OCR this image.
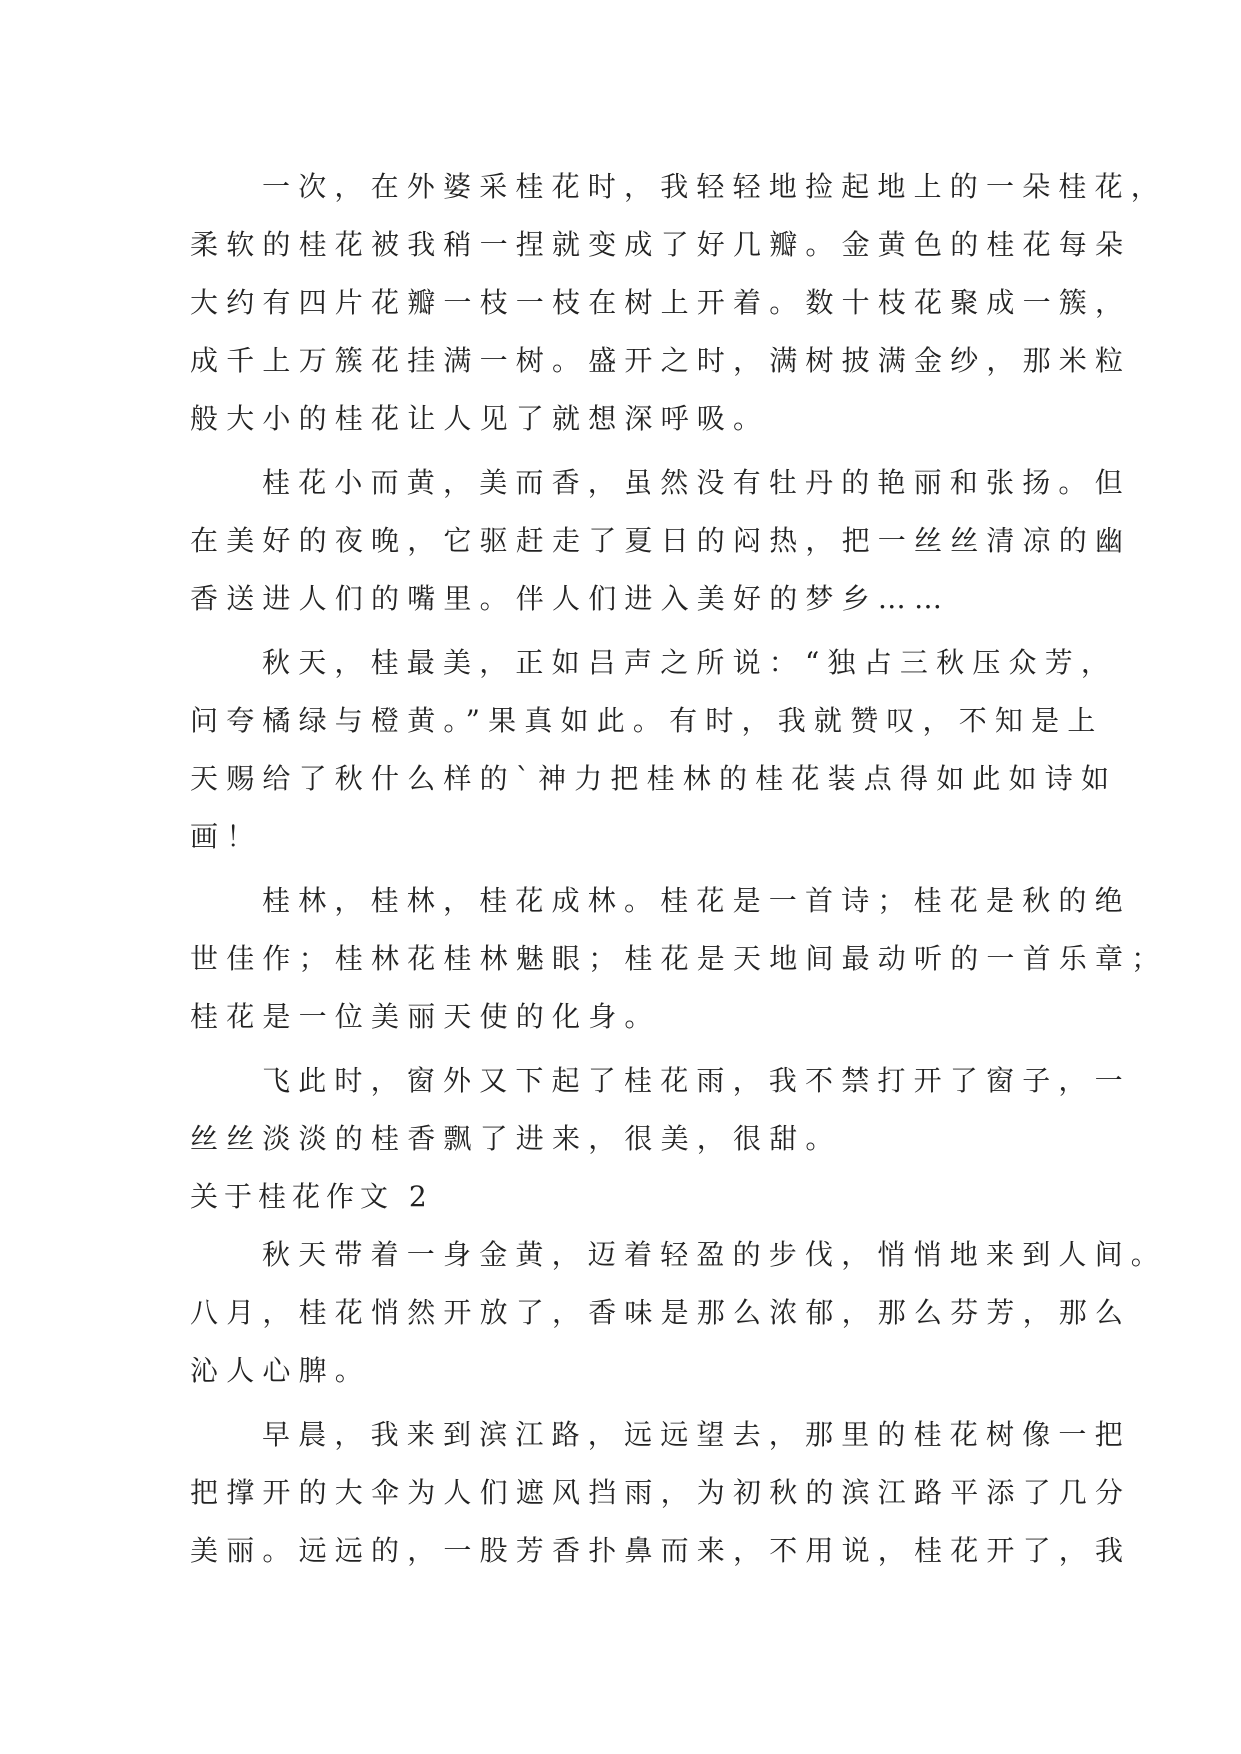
一次，在外婆采桂花时，我轻轻地捡起地上的一朵桂花，
柔软的桂花被我稍一捏就变成了好几瓣。金黄色的桂花每朵
大约有四片花瓣一枝一枝在树上开着。数十枝花聚成一簇，
成千上万簇花挂满一树。盛开之时，满树披满金纱，那米粒
般大小的桂花让人见了就想深呼吸。
桂花小而黄，美而香，虽然没有牡丹的艳丽和张扬。但
在美好的夜晚，它驱赶走了夏日的闷热，把一丝丝清凉的幽
香送进人们的嘴里。伴人们进入美好的梦乡……
秋天，桂最美，正如吕声之所说：“独占三秋压众芳，
问夸橘绿与橙黄。”果真如此。有时，我就赞叹，不知是上
天赐给了秋什么样的`神力把桂林的桂花装点得如此如诗如
画！
桂林，桂林，桂花成林。桂花是一首诗；桂花是秋的绝
世佳作；桂林花桂林魅眼；桂花是天地间最动听的一首乐章；
桂花是一位美丽天使的化身。
飞此时，窗外又下起了桂花雨，我不禁打开了窗子，一
丝丝淡淡的桂香飘了进来，很美，很甜。
关于桂花作文 2
秋天带着一身金黄，迈着轻盈的步伐，悄悄地来到人间。
八月，桂花悄然开放了，香味是那么浓郁，那么芬芳，那么
沁人心脾。
早晨，我来到滨江路，远远望去，那里的桂花树像一把
把撑开的大伞为人们遮风挡雨，为初秋的滨江路平添了几分
美丽。远远的，一股芳香扑鼻而来，不用说，桂花开了，我
